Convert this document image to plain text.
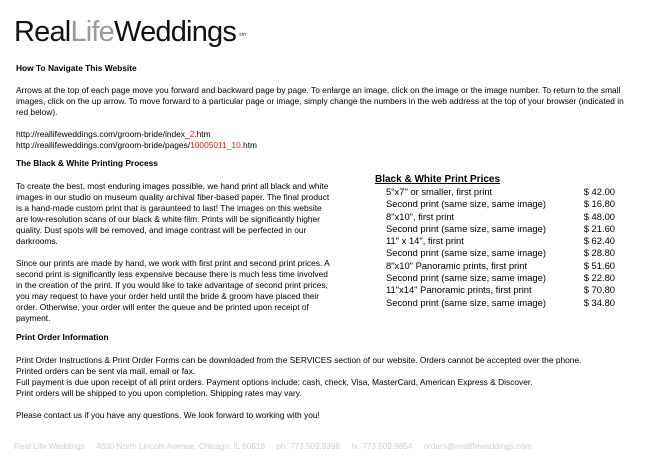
RealLifeWeddings $^{sm}$

How To Navigate This Website

Arrows at the top of each page move you forward and backward page by page. To enlarge an image, click on the image or the image number. To return to the small images, click on the up arrow. To move forward to a particular page or image, simply change the numbers in the web address at the top of your browser (indicated in red below).

http://reallifeweddings.com/groom-bride/index_2.htm

http://reallifeweddings.com/groom-bride/pages/10005011_10.htm

The Black & White Printing Process

To create the best, most enduring images possible, we hand print all black and white images in our studio on museum quality archival fiber-based paper. The final product is a hand-made custom print that is garaunteed to last! The images on this website are low-resolution scans of our black & white film. Prints will be significantly higher quality. Dust spots will be removed, and image contrast will be perfected in our darkrooms.

Since our prints are made by hand, we work with first print and second print prices. A second print is significantly less expensive because there is much less time involved in the creation of the print. If you would like to take advantage of second print prices, you may request to have your order held until the bride & groom have placed their order. Otherwise, your order will enter the queue and be printed upon receipt of payment.

Black & White Print Prices
5"x7" or smaller, first print	$ 42.00
Second print (same size, same image)	$ 16.80
8"x10", first print	$ 48.00
Second print (same size, same image)	$ 21.60
11" x 14", first print	$ 62.40
Second print (same size, same image)	$ 28.80
8"x10" Panoramic prints, first print	$ 51.60
Second print (same size, same image)	$ 22.80
11"x14" Panoramic prints, first print	$ 70.80
Second print (same size, same image)	$ 34.80

Print Order Information

Print Order Instructions & Print Order Forms can be downloaded from the SERVICES section of our website. Orders cannot be accepted over the phone.

Printed orders can be sent via mail, email or fax.

Full payment is due upon receipt of all print orders. Payment options include: cash, check, Visa, MasterCard, American Express & Discover.

Print orders will be shipped to you upon completion. Shipping rates may vary.

Please contact us if you have any questions. We look forward to working with you!

Real Life Weddings 4830 North Lincoln Avenue, Chicago, IL 60618 ph. 773.509.9398 fx. 773.509.9854 orders@reallifeweddings.com
